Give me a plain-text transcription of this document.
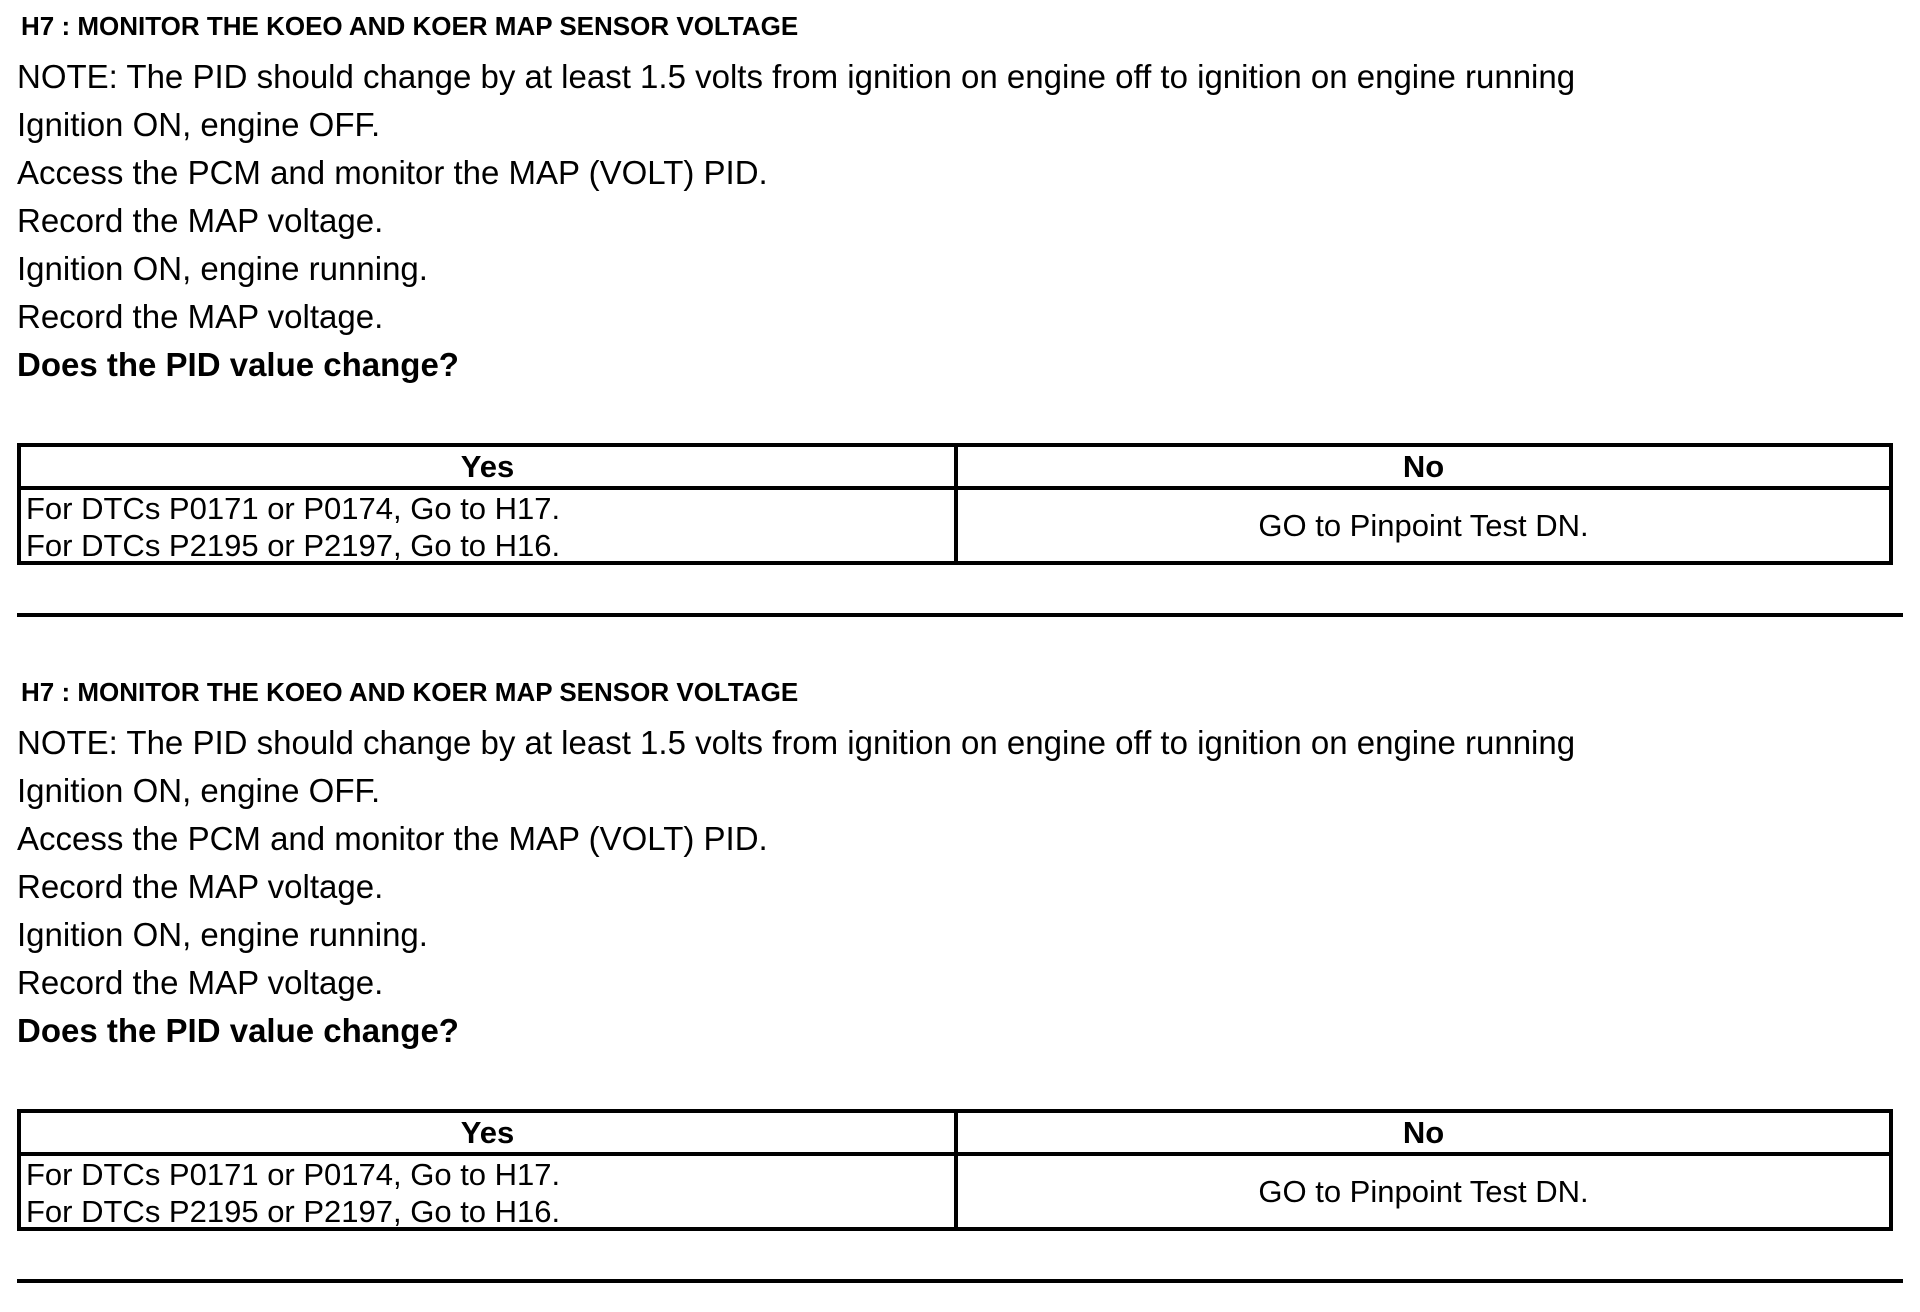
H7 : MONITOR THE KOEO AND KOER MAP SENSOR VOLTAGE
NOTE: The PID should change by at least 1.5 volts from ignition on engine off to ignition on engine running
Ignition ON, engine OFF.
Access the PCM and monitor the MAP (VOLT) PID.
Record the MAP voltage.
Ignition ON, engine running.
Record the MAP voltage.
Does the PID value change?
Yes	No
For DTCs P0171 or P0174, Go to H17.
For DTCs P2195 or P2197, Go to H16.
GO to Pinpoint Test DN.
H7 : MONITOR THE KOEO AND KOER MAP SENSOR VOLTAGE
NOTE: The PID should change by at least 1.5 volts from ignition on engine off to ignition on engine running
Ignition ON, engine OFF.
Access the PCM and monitor the MAP (VOLT) PID.
Record the MAP voltage.
Ignition ON, engine running.
Record the MAP voltage.
Does the PID value change?
Yes	No
For DTCs P0171 or P0174, Go to H17.
For DTCs P2195 or P2197, Go to H16.
GO to Pinpoint Test DN.
